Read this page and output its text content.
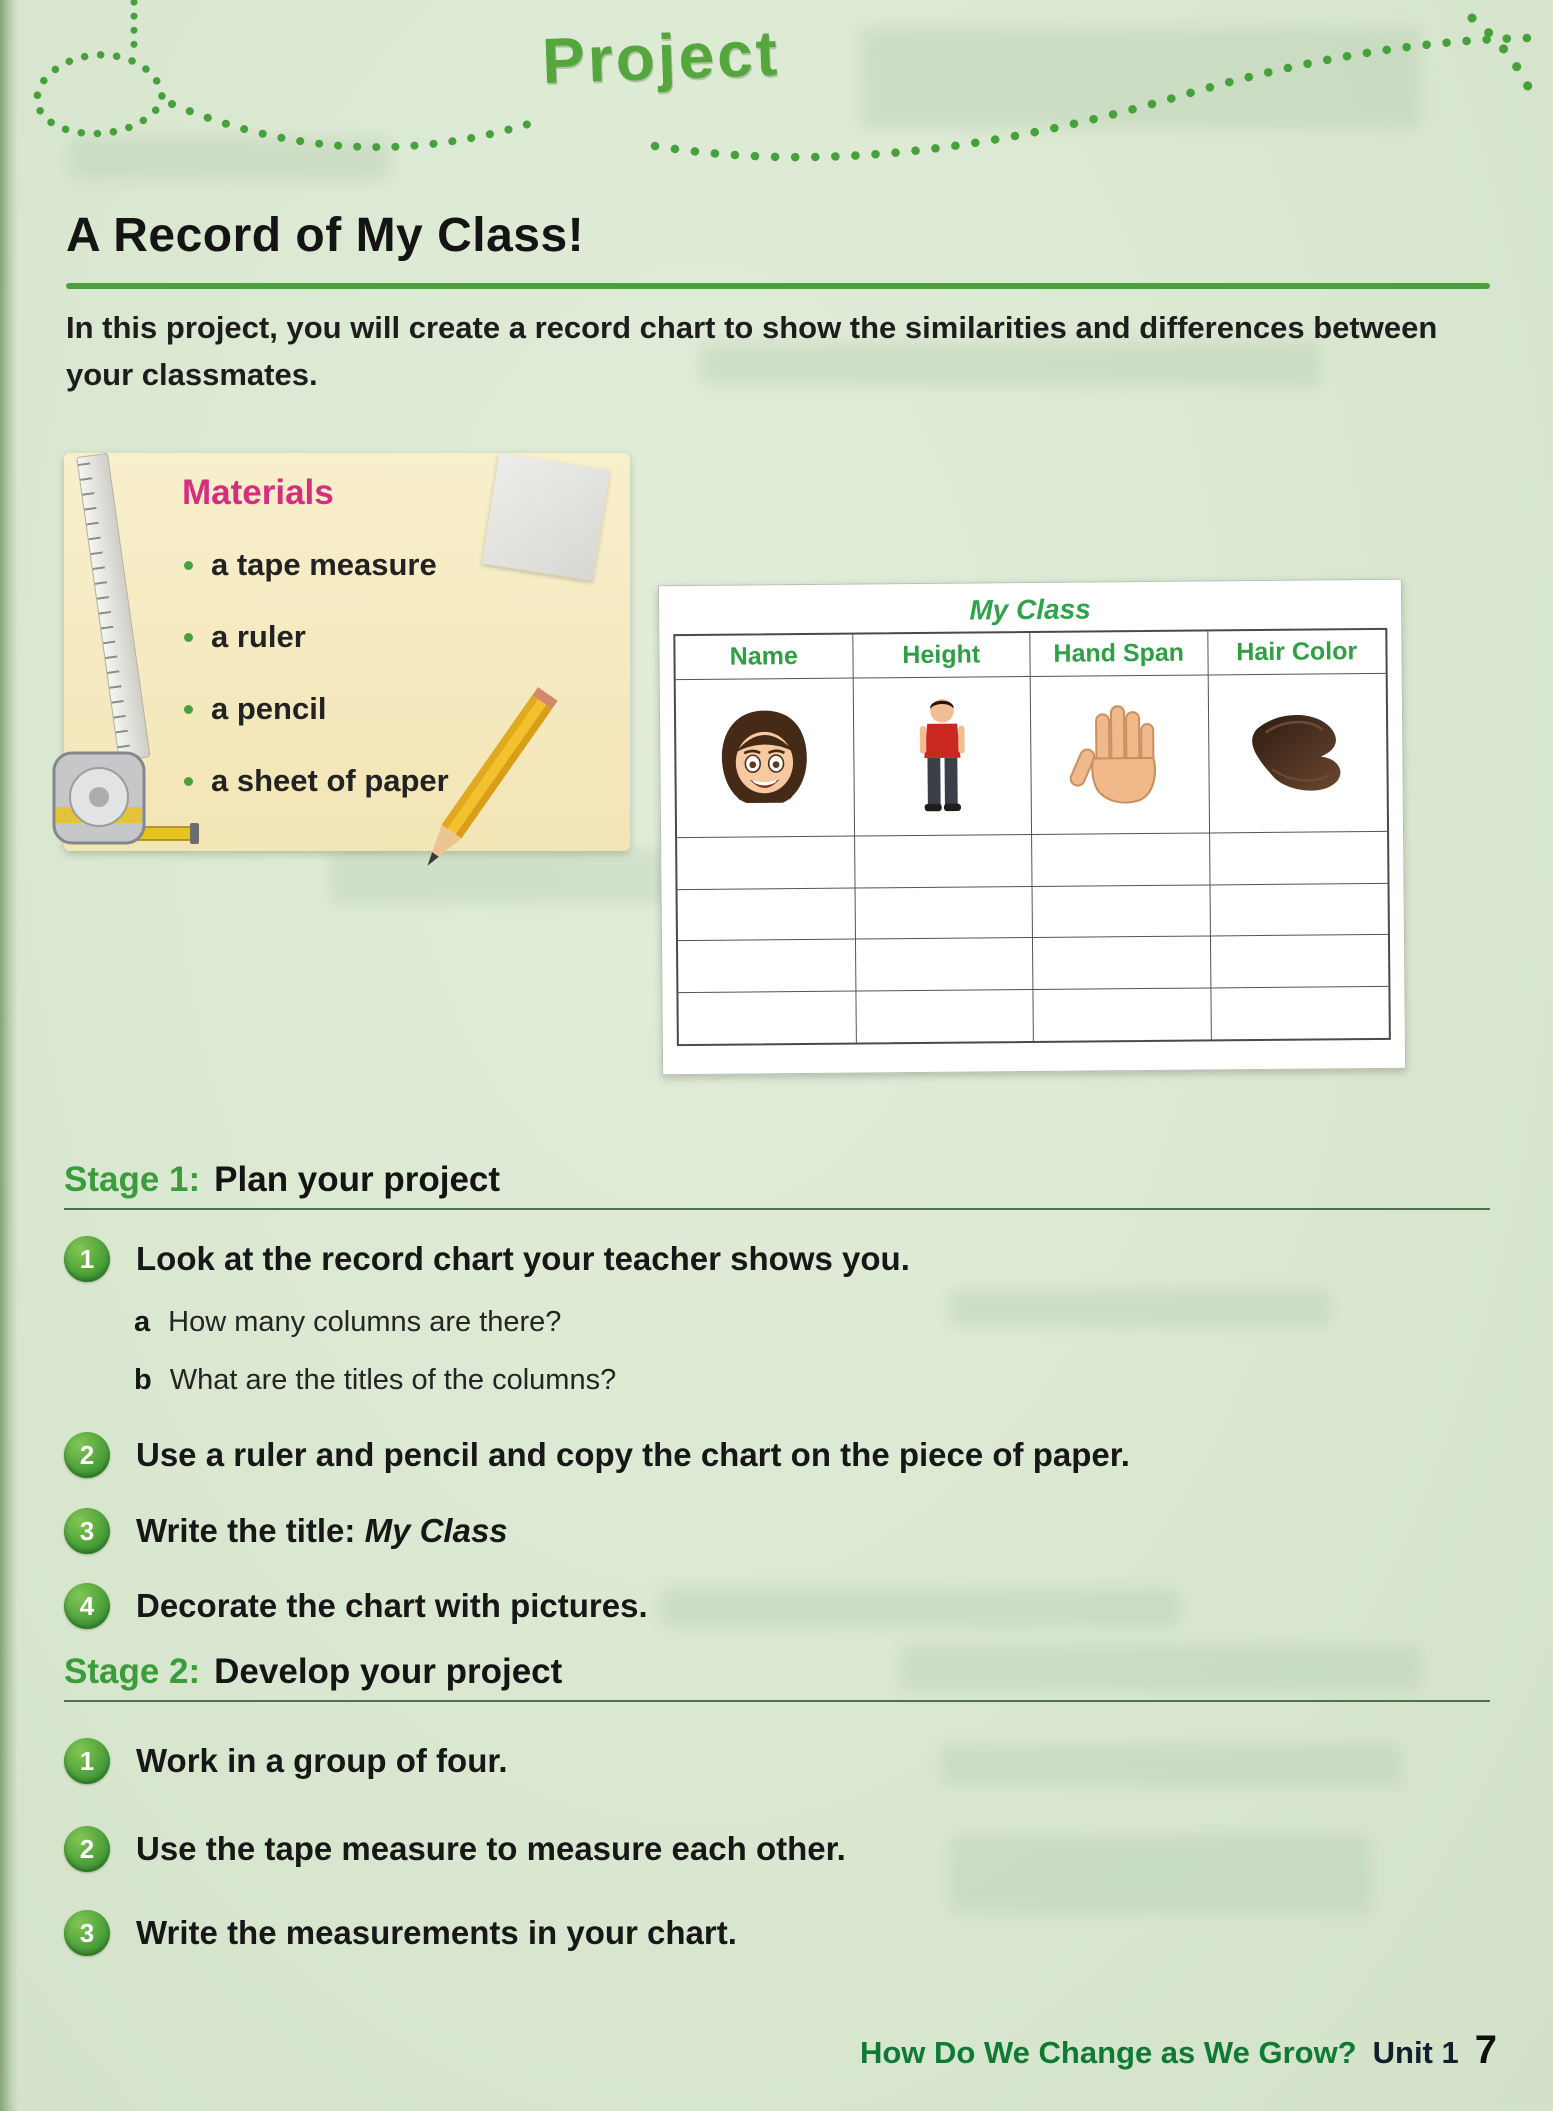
Project
A Record of My Class!

In this project, you will create a record chart to show the similarities and differences between your classmates.

Materials
a tape measure
a ruler
a pencil
a sheet of paper
My Class
Name	Height	Hand Span	Hair Color
Stage 1: Plan your project
1 Look at the record chart your teacher shows you.
a How many columns are there?
b What are the titles of the columns?
2 Use a ruler and pencil and copy the chart on the piece of paper.
3 Write the title: My Class
4 Decorate the chart with pictures.
Stage 2: Develop your project
1 Work in a group of four.
2 Use the tape measure to measure each other.
3 Write the measurements in your chart.
How Do We Change as We Grow? Unit 1 7
